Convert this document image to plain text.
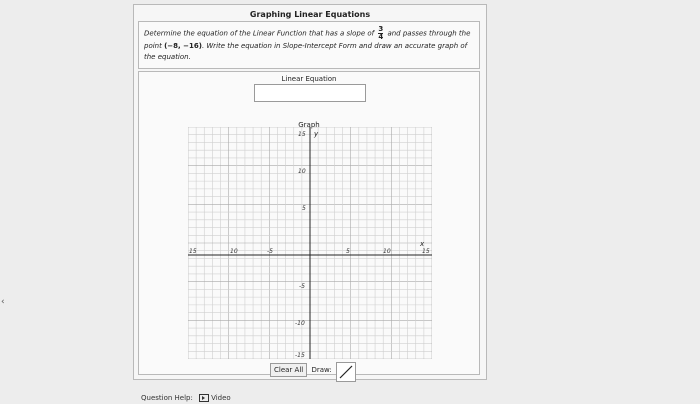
‹
Graphing Linear Equations
Determine the equation of the Linear Function that has a slope of $\frac{3}{4}$ and passes through the point (−8, −16). Write the equation in Slope-Intercept Form and draw an accurate graph of the equation.
Linear Equation
Graph
x
y
15	10	-5	5	10	15
15
10
5
-5
-10
-15
Clear All Draw:
Question Help:	Video
